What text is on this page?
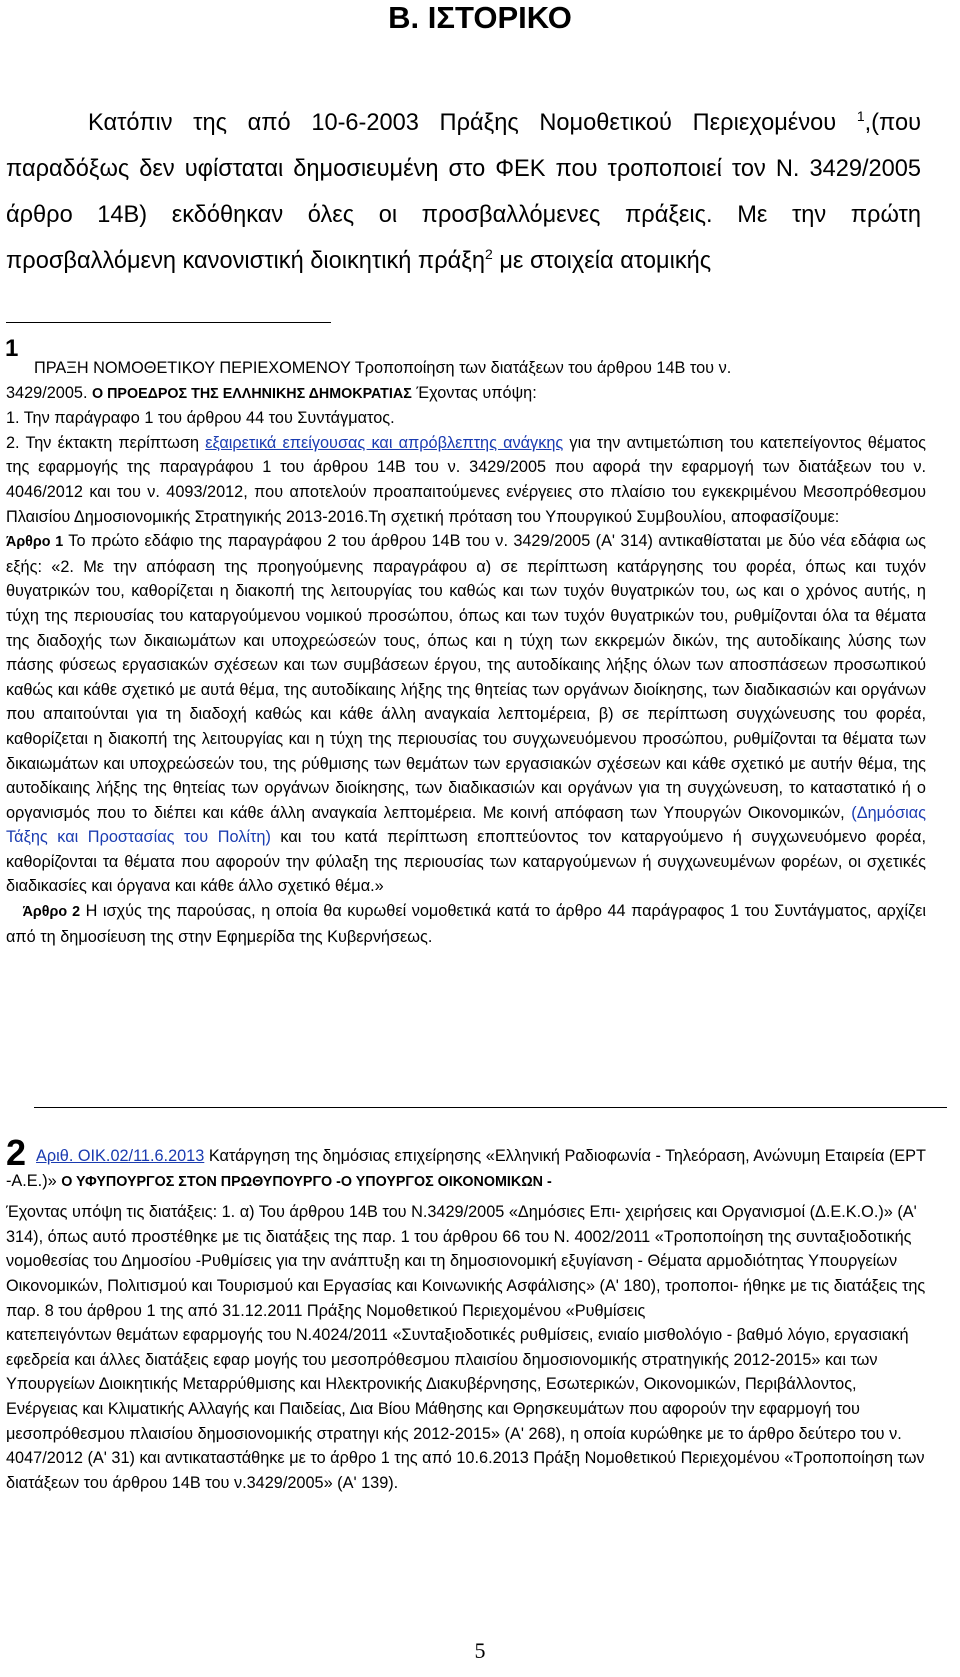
B. ΙΣΤΟΡΙΚΟ

Κατόπιν της από 10-6-2003 Πράξης Νομοθετικού Περιεχομένου $^1$,(που παραδόξως δεν υφίσταται δημοσιευμένη στο ΦΕΚ που τροποποιεί τον Ν. 3429/2005 άρθρο 14Β) εκδόθηκαν όλες οι προσβαλλόμενες πράξεις. Με την πρώτη προσβαλλόμενη κανονιστική διοικητική πράξη$^2$ με στοιχεία ατομικής

1
ΠΡΑΞΗ ΝΟΜΟΘΕΤΙΚΟΥ ΠΕΡΙΕΧΟΜΕΝΟΥ Τροποποίηση των διατάξεων του άρθρου 14Β του ν.
3429/2005. Ο ΠΡΟΕΔΡΟΣ ΤΗΣ ΕΛΛΗΝΙΚΗΣ ΔΗΜΟΚΡΑΤΙΑΣ Έχοντας υπόψη:
1. Την παράγραφο 1 του άρθρου 44 του Συντάγματος.
2. Την έκτακτη περίπτωση εξαιρετικά επείγουσας και απρόβλεπτης ανάγκης για την αντιμετώπιση του κατεπείγοντος θέματος της εφαρμογής της παραγράφου 1 του άρθρου 14Β του ν. 3429/2005 που αφορά την εφαρμογή των διατάξεων του ν. 4046/2012 και του ν. 4093/2012, που αποτελούν προαπαιτούμενες ενέργειες στο πλαίσιο του εγκεκριμένου Μεσοπρόθεσμου Πλαισίου Δημοσιονομικής Στρατηγικής 2013-2016.Τη σχετική πρόταση του Υπουργικού Συμβουλίου, αποφασίζουμε:
Άρθρο 1 Το πρώτο εδάφιο της παραγράφου 2 του άρθρου 14Β του ν. 3429/2005 (Α' 314) αντικαθίσταται με δύο νέα εδάφια ως εξής: «2. Με την απόφαση της προηγούμενης παραγράφου α) σε περίπτωση κατάργησης του φορέα, όπως και τυχόν θυγατρικών του, καθορίζεται η διακοπή της λειτουργίας του καθώς και των τυχόν θυγατρικών του, ως και ο χρόνος αυτής, η τύχη της περιουσίας του καταργούμενου νομικού προσώπου, όπως και των τυχόν θυγατρικών του, ρυθμίζονται όλα τα θέματα της διαδοχής των δικαιωμάτων και υποχρεώσεών τους, όπως και η τύχη των εκκρεμών δικών, της αυτοδίκαιης λύσης των πάσης φύσεως εργασιακών σχέσεων και των συμβάσεων έργου, της αυτοδίκαιης λήξης όλων των αποσπάσεων προσωπικού καθώς και κάθε σχετικό με αυτά θέμα, της αυτοδίκαιης λήξης της θητείας των οργάνων διοίκησης, των διαδικασιών και οργάνων που απαιτούνται για τη διαδοχή καθώς και κάθε άλλη αναγκαία λεπτομέρεια, β) σε περίπτωση συγχώνευσης του φορέα, καθορίζεται η διακοπή της λειτουργίας και η τύχη της περιουσίας του συγχωνευόμενου προσώπου, ρυθμίζονται τα θέματα των δικαιωμάτων και υποχρεώσεών του, της ρύθμισης των θεμάτων των εργασιακών σχέσεων και κάθε σχετικό με αυτήν θέμα, της αυτοδίκαιης λήξης της θητείας των οργάνων διοίκησης, των διαδικασιών και οργάνων για τη συγχώνευση, το καταστατικό ή ο οργανισμός που το διέπει και κάθε άλλη αναγκαία λεπτομέρεια. Με κοινή απόφαση των Υπουργών Οικονομικών, (Δημόσιας Τάξης και Προστασίας του Πολίτη) και του κατά περίπτωση εποπτεύοντος τον καταργούμενο ή συγχωνευόμενο φορέα, καθορίζονται τα θέματα που αφορούν την φύλαξη της περιουσίας των καταργούμενων ή συγχωνευμένων φορέων, οι σχετικές διαδικασίες και όργανα και κάθε άλλο σχετικό θέμα.»
Άρθρο 2 Η ισχύς της παρούσας, η οποία θα κυρωθεί νομοθετικά κατά το άρθρο 44 παράγραφος 1 του Συντάγματος, αρχίζει από τη δημοσίευση της στην Εφημερίδα της Κυβερνήσεως.
2 Αριθ. ΟΙΚ.02/11.6.2013 Κατάργηση της δημόσιας επιχείρησης «Ελληνική Ραδιοφωνία - Τηλεόραση, Ανώνυμη Εταιρεία (ΕΡΤ -Α.Ε.)» Ο ΥΦΥΠΟΥΡΓΟΣ ΣΤΟΝ ΠΡΩΘΥΠΟΥΡΓΟ -Ο ΥΠΟΥΡΓΟΣ ΟΙΚΟΝΟΜΙΚΩΝ -
Έχοντας υπόψη τις διατάξεις: 1. α) Του άρθρου 14Β του Ν.3429/2005 «Δημόσιες Επι- χειρήσεις και Οργανισμοί (Δ.Ε.Κ.Ο.)» (Α' 314), όπως αυτό προστέθηκε με τις διατάξεις της παρ. 1 του άρθρου 66 του Ν. 4002/2011 «Τροποποίηση της συνταξιοδοτικής νομοθεσίας του Δημοσίου -Ρυθμίσεις για την ανάπτυξη και τη δημοσιονομική εξυγίανση - Θέματα αρμοδιότητας Υπουργείων Οικονομικών, Πολιτισμού και Τουρισμού και Εργασίας και Κοινωνικής Ασφάλισης» (Α' 180), τροποποι- ήθηκε με τις διατάξεις της παρ. 8 του άρθρου 1 της από 31.12.2011 Πράξης Νομοθετικού Περιεχομένου «Ρυθμίσεις
κατεπειγόντων θεμάτων εφαρμογής του Ν.4024/2011 «Συνταξιοδοτικές ρυθμίσεις, ενιαίο μισθολόγιο - βαθμό λόγιο, εργασιακή εφεδρεία και άλλες διατάξεις εφαρ μογής του μεσοπρόθεσμου πλαισίου δημοσιονομικής στρατηγικής 2012-2015» και των Υπουργείων Διοικητικής Μεταρρύθμισης και Ηλεκτρονικής Διακυβέρνησης, Εσωτερικών, Οικονομικών, Περιβάλλοντος, Ενέργειας και Κλιματικής Αλλαγής και Παιδείας, Δια Βίου Μάθησης και Θρησκευμάτων που αφορούν την εφαρμογή του μεσοπρόθεσμου πλαισίου δημοσιονομικής στρατηγι κής 2012-2015» (Α' 268), η οποία κυρώθηκε με το άρθρο δεύτερο του ν. 4047/2012 (Α' 31) και αντικαταστάθηκε με το άρθρο 1 της από 10.6.2013 Πράξη Νομοθετικού Περιεχομένου «Τροποποίηση των διατάξεων του άρθρου 14Β του ν.3429/2005» (Α' 139).
5
